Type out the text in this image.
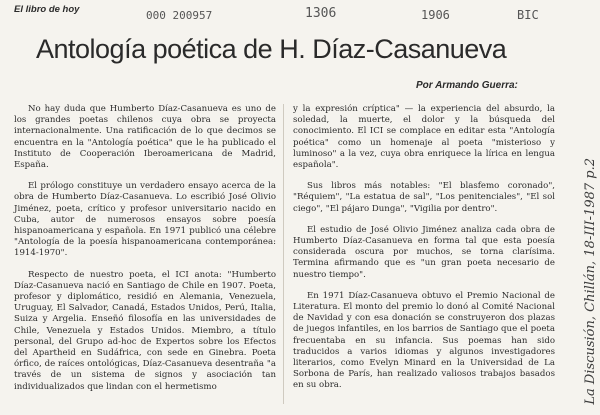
El libro de hoy	000 200957	1306	1906	BIC
Antología poética de H. Díaz-Casanueva
Por Armando Guerra:

No hay duda que Humberto Díaz-Casanueva es uno de los grandes poetas chilenos cuya obra se proyecta internacionalmente. Una ratificación de lo que decimos se encuentra en la "Antología poética" que le ha publicado el Instituto de Cooperación Iberoamericana de Madrid, España.

El prólogo constituye un verdadero ensayo acerca de la obra de Humberto Díaz-Casanueva. Lo escribió José Olivio Jiménez, poeta, crítico y profesor universitario nacido en Cuba, autor de numerosos ensayos sobre poesía hispanoamericana y española. En 1971 publicó una célebre "Antología de la poesía hispanoamericana contemporánea: 1914-1970".

Respecto de nuestro poeta, el ICI anota: "Humberto Díaz-Casanueva nació en Santiago de Chile en 1907. Poeta, profesor y diplomático, residió en Alemania, Venezuela, Uruguay, El Salvador, Canadá, Estados Unidos, Perú, Italia, Suiza y Argelia. Enseñó filosofía en las universidades de Chile, Venezuela y Estados Unidos. Miembro, a título personal, del Grupo ad-hoc de Expertos sobre los Efectos del Apartheid en Sudáfrica, con sede en Ginebra. Poeta órfico, de raíces ontológicas, Díaz-Casanueva desentraña "a través de un sistema de signos y asociación tan individualizados que lindan con el hermetismo

y la expresión críptica" — la experiencia del absurdo, la soledad, la muerte, el dolor y la búsqueda del conocimiento. El ICI se complace en editar esta "Antología poética" como un homenaje al poeta "misterioso y luminoso" a la vez, cuya obra enriquece la lírica en lengua española".

Sus libros más notables: "El blasfemo coronado", "Réquiem", "La estatua de sal", "Los penitenciales", "El sol ciego", "El pájaro Dunga", "Vigilia por dentro".

El estudio de José Olivio Jiménez analiza cada obra de Humberto Díaz-Casanueva en forma tal que esta poesía considerada oscura por muchos, se torna clarísima. Termina afirmando que es "un gran poeta necesario de nuestro tiempo".

En 1971 Díaz-Casanueva obtuvo el Premio Nacional de Literatura. El monto del premio lo donó al Comité Nacional de Navidad y con esa donación se construyeron dos plazas de juegos infantiles, en los barrios de Santiago que el poeta frecuentaba en su infancia. Sus poemas han sido traducidos a varios idiomas y algunos investigadores literarios, como Evelyn Minard en la Universidad de La Sorbona de París, han realizado valiosos trabajos basados en su obra.	La Discusión, Chillán, 18-III-1987 p.2
